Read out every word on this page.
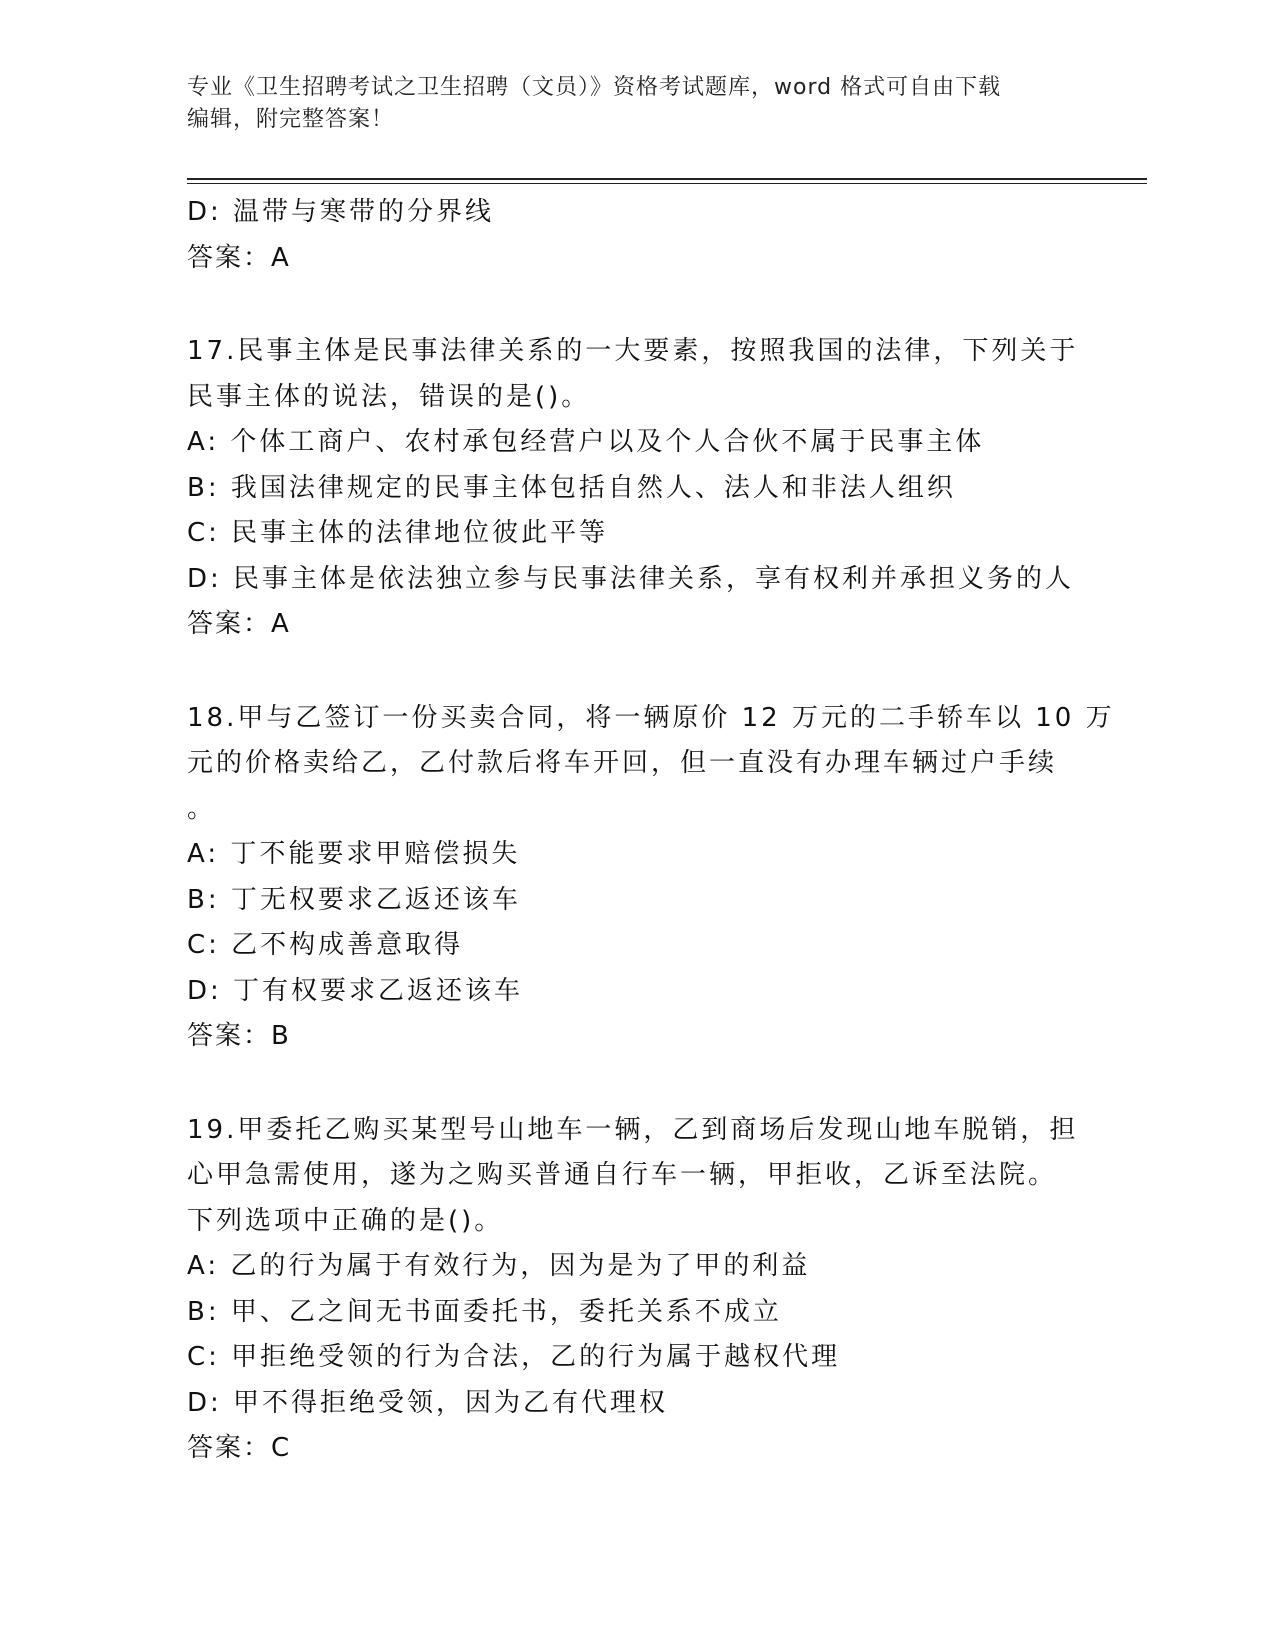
专业《卫生招聘考试之卫生招聘（文员）》资格考试题库，word 格式可自由下载
编辑，附完整答案！
D: 温带与寒带的分界线
答案：A
17.民事主体是民事法律关系的一大要素，按照我国的法律，下列关于
民事主体的说法，错误的是()。
A: 个体工商户、农村承包经营户以及个人合伙不属于民事主体
B: 我国法律规定的民事主体包括自然人、法人和非法人组织
C: 民事主体的法律地位彼此平等
D: 民事主体是依法独立参与民事法律关系，享有权利并承担义务的人
答案：A
18.甲与乙签订一份买卖合同，将一辆原价 12 万元的二手轿车以 10 万
元的价格卖给乙，乙付款后将车开回，但一直没有办理车辆过户手续
。
A: 丁不能要求甲赔偿损失
B: 丁无权要求乙返还该车
C: 乙不构成善意取得
D: 丁有权要求乙返还该车
答案：B
19.甲委托乙购买某型号山地车一辆，乙到商场后发现山地车脱销，担
心甲急需使用，遂为之购买普通自行车一辆，甲拒收，乙诉至法院。
下列选项中正确的是()。
A: 乙的行为属于有效行为，因为是为了甲的利益
B: 甲、乙之间无书面委托书，委托关系不成立
C: 甲拒绝受领的行为合法，乙的行为属于越权代理
D: 甲不得拒绝受领，因为乙有代理权
答案：C
